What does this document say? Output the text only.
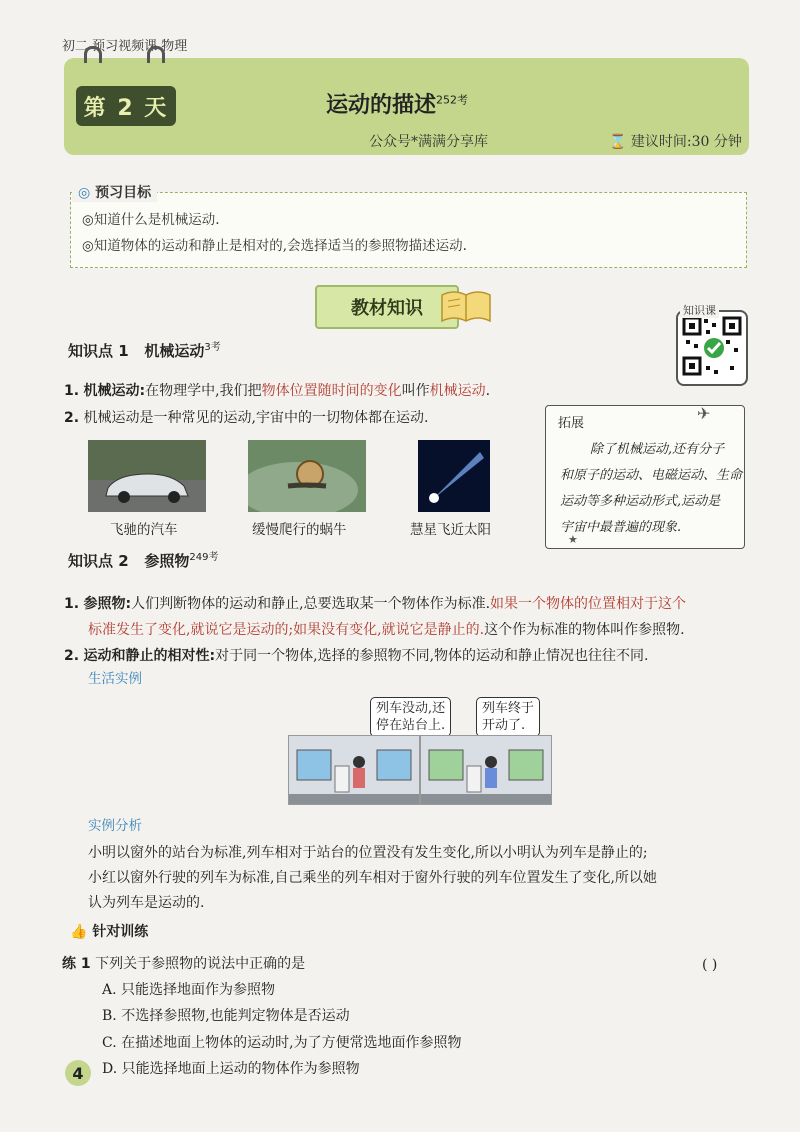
初二 预习视频课 物理
第 2 天	运动的描述$^{252考}$
公众号*满满分享库	⌛ 建议时间:30 分钟
◎ 预习目标
◎知道什么是机械运动.
◎知道物体的运动和静止是相对的,会选择适当的参照物描述运动.
教材知识	知识课
知识点 1 机械运动$^{3考}$
1. 机械运动:在物理学中,我们把物体位置随时间的变化叫作机械运动.
2. 机械运动是一种常见的运动,宇宙中的一切物体都在运动.
飞驰的汽车	缓慢爬行的蜗牛	慧星飞近太阳
拓展
✈
除了机械运动,还有分子
和原子的运动、电磁运动、生命
运动等多种运动形式,运动是
宇宙中最普遍的现象.
★
知识点 2 参照物$^{249考}$
1. 参照物:人们判断物体的运动和静止,总要选取某一个物体作为标准.如果一个物体的位置相对于这个
标准发生了变化,就说它是运动的;如果没有变化,就说它是静止的.这个作为标准的物体叫作参照物.
2. 运动和静止的相对性:对于同一个物体,选择的参照物不同,物体的运动和静止情况也往往不同.
生活实例
列车没动,还
停在站台上.
列车终于
开动了.
实例分析
小明以窗外的站台为标准,列车相对于站台的位置没有发生变化,所以小明认为列车是静止的;
小红以窗外行驶的列车为标准,自己乘坐的列车相对于窗外行驶的列车位置发生了变化,所以她
认为列车是运动的.
👍 针对训练
练 1 下列关于参照物的说法中正确的是	( )
A. 只能选择地面作为参照物
B. 不选择参照物,也能判定物体是否运动
C. 在描述地面上物体的运动时,为了方便常选地面作参照物
D. 只能选择地面上运动的物体作为参照物
4
